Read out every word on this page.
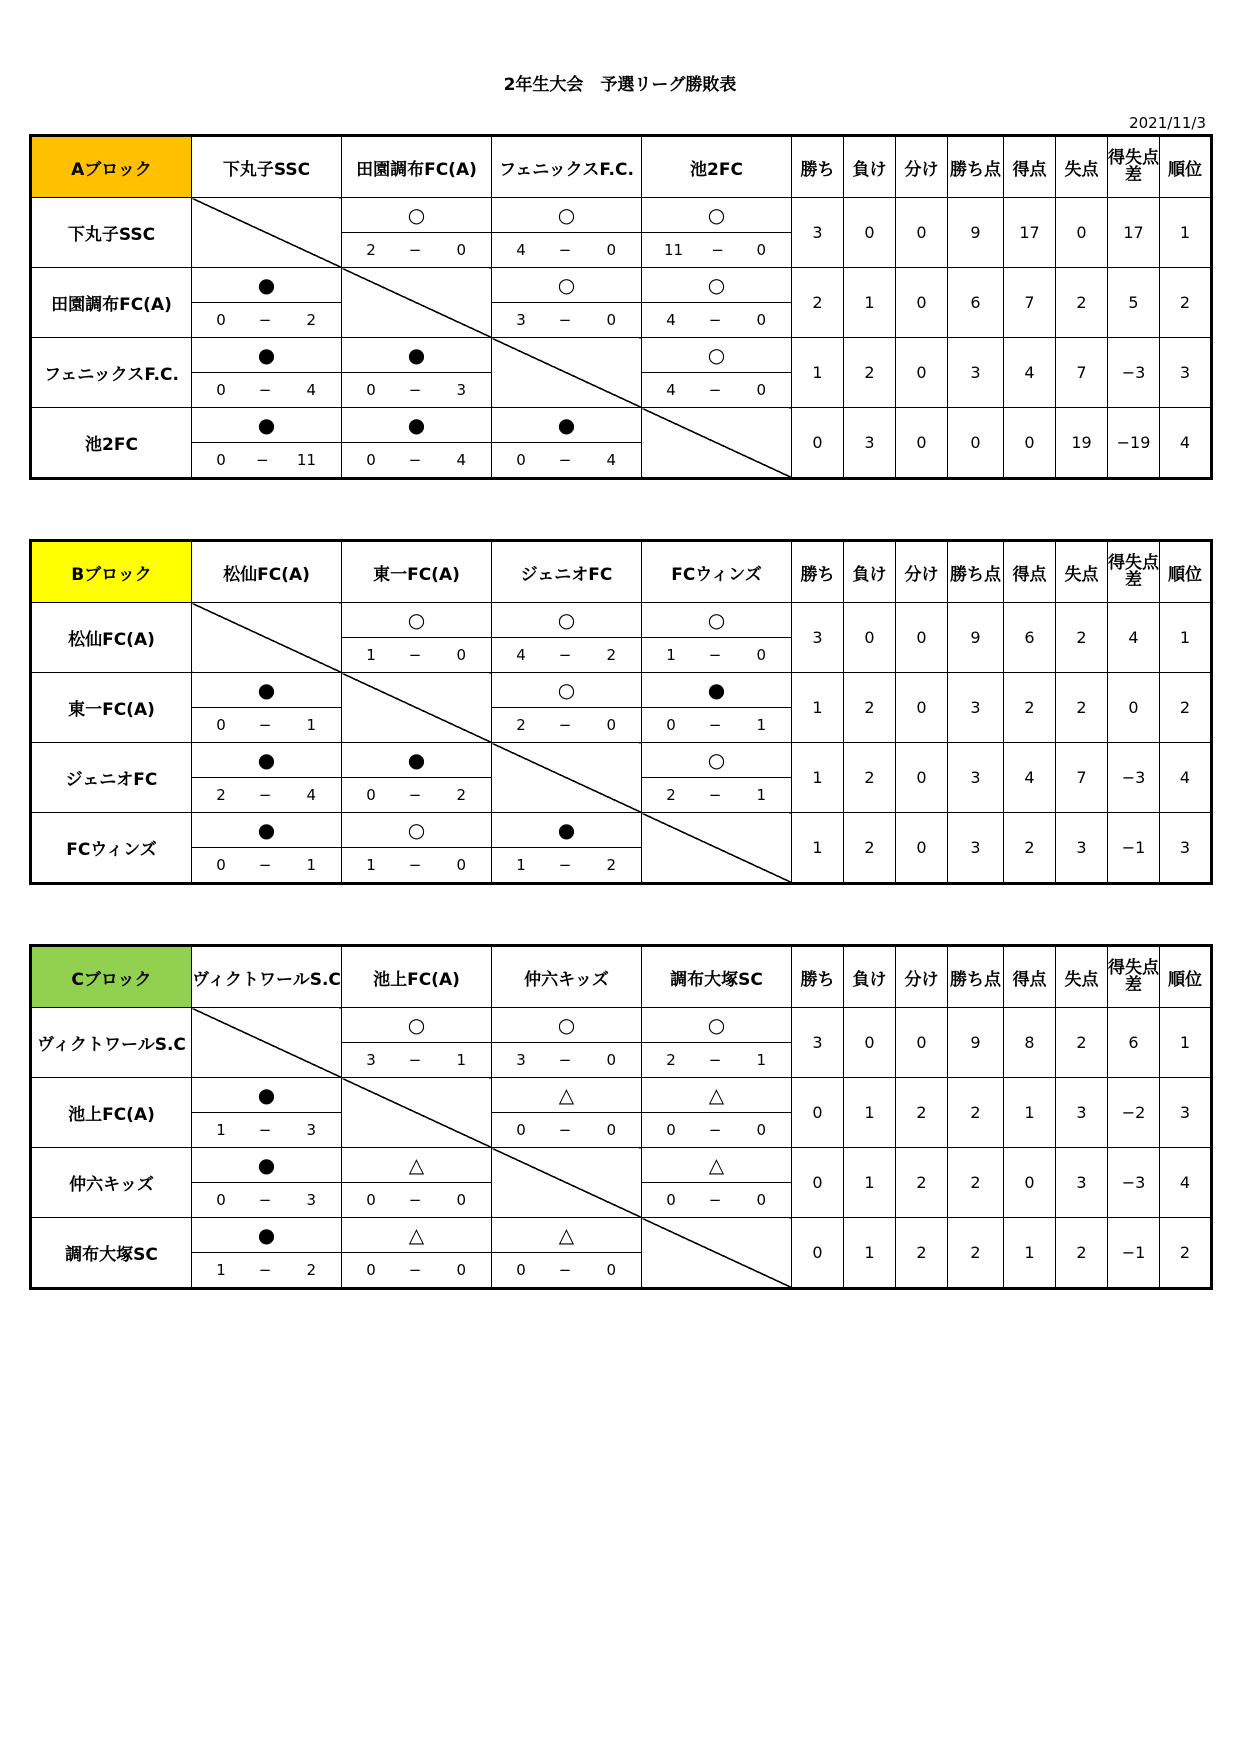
2年生大会　予選リーグ勝敗表
2021/11/3
Aブロック	下丸子SSC	田園調布FC(A)	フェニックスF.C.	池2FC	勝ち	負け	分け	勝ち点	得点	失点	得失点差	順位
下丸子SSC		○	○	○	3	0	0	9	17	0	17	1

		2 − 0	4 − 0	11 − 0								

田園調布FC(A)	●		○	○	2	1	0	6	7	2	5	2

	0 − 2		3 − 0	4 − 0								

フェニックスF.C.	●	●		○	1	2	0	3	4	7	−3	3

	0 − 4	0 − 3		4 − 0								

池2FC	●	●	●		0	3	0	0	0	19	−19	4

	0 − 11	0 − 4	0 − 4									
Bブロック	松仙FC(A)	東一FC(A)	ジェニオFC	FCウィンズ	勝ち	負け	分け	勝ち点	得点	失点	得失点差	順位
松仙FC(A)		○	○	○	3	0	0	9	6	2	4	1

		1 − 0	4 − 2	1 − 0								

東一FC(A)	●		○	●	1	2	0	3	2	2	0	2

	0 − 1		2 − 0	0 − 1								

ジェニオFC	●	●		○	1	2	0	3	4	7	−3	4

	2 − 4	0 − 2		2 − 1								

FCウィンズ	●	○	●		1	2	0	3	2	3	−1	3

	0 − 1	1 − 0	1 − 2									
Cブロック	ヴィクトワールS.C	池上FC(A)	仲六キッズ	調布大塚SC	勝ち	負け	分け	勝ち点	得点	失点	得失点差	順位
ヴィクトワールS.C		○	○	○	3	0	0	9	8	2	6	1

		3 − 1	3 − 0	2 − 1								

池上FC(A)	●		△	△	0	1	2	2	1	3	−2	3

	1 − 3		0 − 0	0 − 0								

仲六キッズ	●	△		△	0	1	2	2	0	3	−3	4

	0 − 3	0 − 0		0 − 0								

調布大塚SC	●	△	△		0	1	2	2	1	2	−1	2

	1 − 2	0 − 0	0 − 0									
